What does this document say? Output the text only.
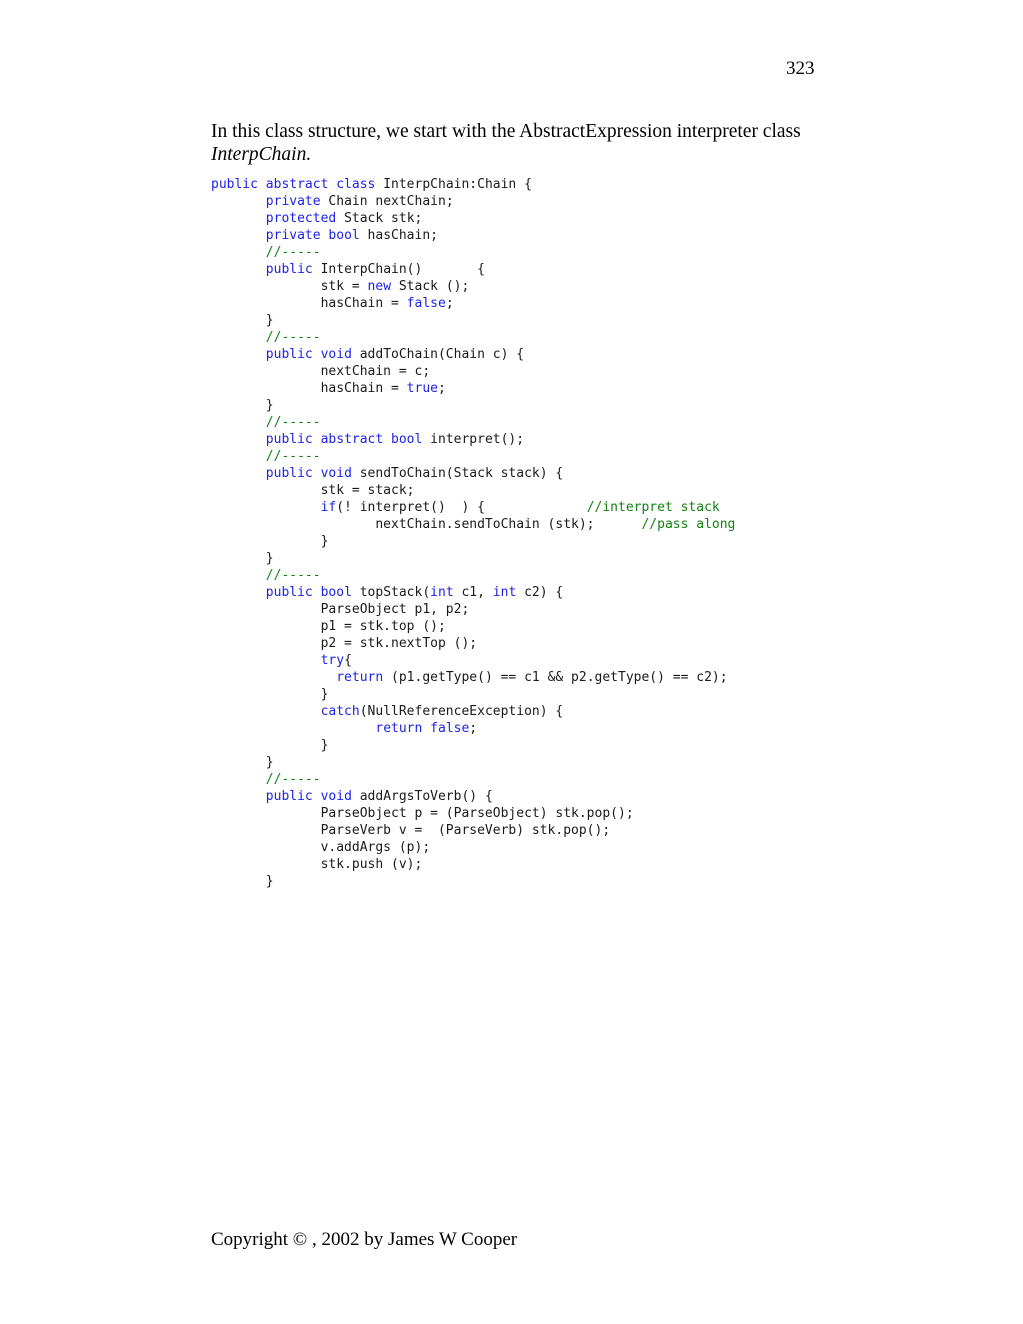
323

In this class structure, we start with the AbstractExpression interpreter class InterpChain.

public abstract class InterpChain:Chain {
private Chain nextChain;
protected Stack stk;
private bool hasChain;
//-----
public InterpChain()       {
stk = new Stack ();
hasChain = false;
}
//-----
public void addToChain(Chain c) {
nextChain = c;
hasChain = true;
}
//-----
public abstract bool interpret();
//-----
public void sendToChain(Stack stack) {
stk = stack;
if(! interpret()  ) {             //interpret stack
nextChain.sendToChain (stk);      //pass along
}
}
//-----
public bool topStack(int c1, int c2) {
ParseObject p1, p2;
p1 = stk.top ();
p2 = stk.nextTop ();
try{
return (p1.getType() == c1 && p2.getType() == c2);
}
catch(NullReferenceException) {
return false;
}
}
//-----
public void addArgsToVerb() {
ParseObject p = (ParseObject) stk.pop();
ParseVerb v =  (ParseVerb) stk.pop();
v.addArgs (p);
stk.push (v);
}
Copyright © , 2002 by James W Cooper
